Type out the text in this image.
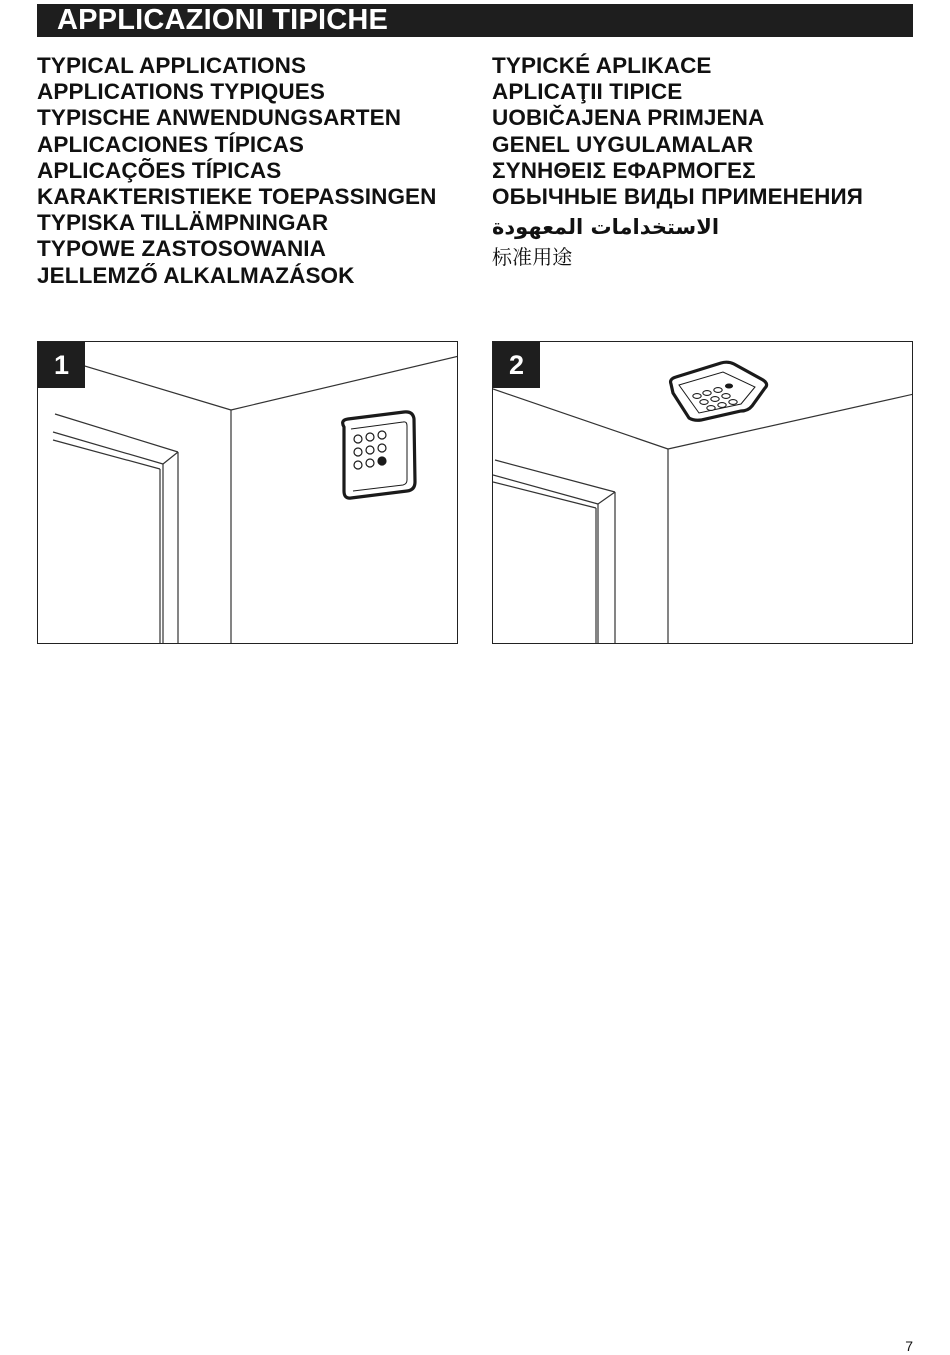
APPLICAZIONI TIPICHE
TYPICAL APPLICATIONS
APPLICATIONS TYPIQUES
TYPISCHE ANWENDUNGSARTEN
APLICACIONES TÍPICAS
APLICAÇÕES TÍPICAS
KARAKTERISTIEKE TOEPASSINGEN
TYPISKA TILLÄMPNINGAR
TYPOWE ZASTOSOWANIA
JELLEMZŐ ALKALMAZÁSOK
TYPICKÉ APLIKACE
APLICAŢII TIPICE
UOBIČAJENA PRIMJENA
GENEL UYGULAMALAR
ΣΥΝΗΘΕΙΣ ΕΦΑΡΜΟΓΕΣ
ОБЫЧНЫЕ ВИДЫ ПРИМЕНЕНИЯ
الاستخدامات المعهودة
标准用途
1	2
7
